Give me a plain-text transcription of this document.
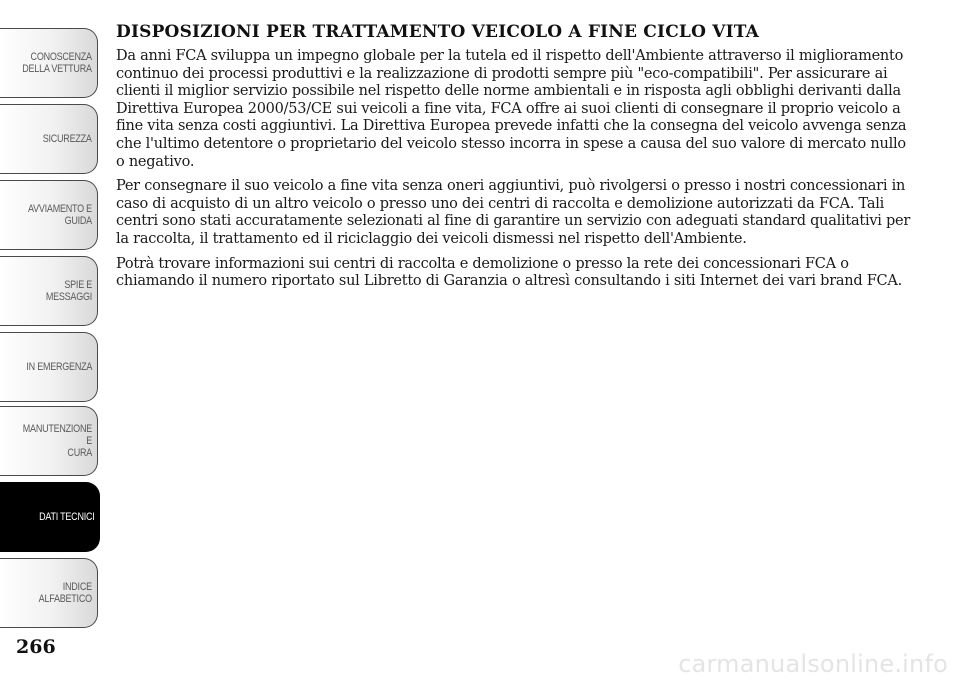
CONOSCENZA
DELLA VETTURA
SICUREZZA
AVVIAMENTO E
GUIDA
SPIE E MESSAGGI
IN EMERGENZA
MANUTENZIONE E
CURA
DATI TECNICI
INDICE
ALFABETICO
266
DISPOSIZIONI PER TRATTAMENTO VEICOLO A FINE CICLO VITA

Da anni FCA sviluppa un impegno globale per la tutela ed il rispetto dell'Ambiente attraverso il miglioramento continuo dei processi produttivi e la realizzazione di prodotti sempre più "eco-compatibili". Per assicurare ai clienti il miglior servizio possibile nel rispetto delle norme ambientali e in risposta agli obblighi derivanti dalla Direttiva Europea 2000/53/CE sui veicoli a fine vita, FCA offre ai suoi clienti di consegnare il proprio veicolo a fine vita senza costi aggiuntivi. La Direttiva Europea prevede infatti che la consegna del veicolo avvenga senza che l'ultimo detentore o proprietario del veicolo stesso incorra in spese a causa del suo valore di mercato nullo o negativo.

Per consegnare il suo veicolo a fine vita senza oneri aggiuntivi, può rivolgersi o presso i nostri concessionari in caso di acquisto di un altro veicolo o presso uno dei centri di raccolta e demolizione autorizzati da FCA. Tali centri sono stati accuratamente selezionati al fine di garantire un servizio con adeguati standard qualitativi per la raccolta, il trattamento ed il riciclaggio dei veicoli dismessi nel rispetto dell'Ambiente.

Potrà trovare informazioni sui centri di raccolta e demolizione o presso la rete dei concessionari FCA o chiamando il numero riportato sul Libretto di Garanzia o altresì consultando i siti Internet dei vari brand FCA.

carmanualsonline.info
